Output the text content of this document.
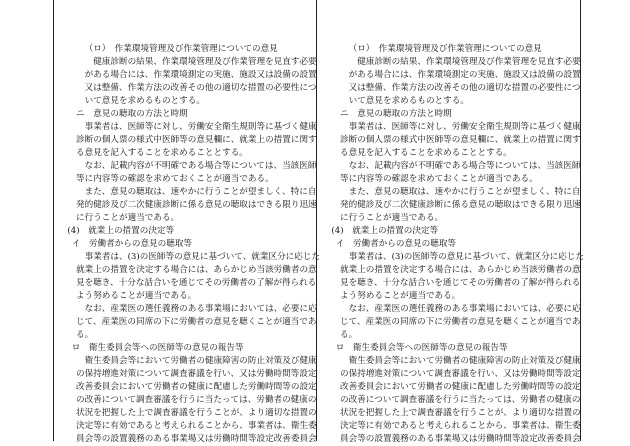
（ロ）　作業環境管理及び作業管理についての意見
健康診断の結果、作業環境管理及び作業管理を見直す必要
がある場合には、作業環境測定の実施、施設又は設備の設置
又は整備、作業方法の改善その他の適切な措置の必要性につ
いて意見を求めるものとする。
ニ　意見の聴取の方法と時期
事業者は、医師等に対し、労働安全衛生規則等に基づく健康
診断の個人票の様式中医師等の意見欄に、就業上の措置に関す
る意見を記入することを求めることとする。
なお、記載内容が不明確である場合等については、当該医師
等に内容等の確認を求めておくことが適当である。
また、意見の聴取は、速やかに行うことが望ましく、特に自
発的健診及び二次健康診断に係る意見の聴取はできる限り迅速
に行うことが適当である。
(4)　就業上の措置の決定等
イ　労働者からの意見の聴取等
事業者は、(3)の医師等の意見に基づいて、就業区分に応じた
就業上の措置を決定する場合には、あらかじめ当該労働者の意
見を聴き、十分な話合いを通じてその労働者の了解が得られる
よう努めることが適当である。
なお、産業医の選任義務のある事業場においては、必要に応
じて、産業医の同席の下に労働者の意見を聴くことが適当であ
る。
ロ　衛生委員会等への医師等の意見の報告等
衛生委員会等において労働者の健康障害の防止対策及び健康
の保持増進対策について調査審議を行い、又は労働時間等設定
改善委員会において労働者の健康に配慮した労働時間等の設定
の改善について調査審議を行うに当たっては、労働者の健康の
状況を把握した上で調査審議を行うことが、より適切な措置の
決定等に有効であると考えられることから、事業者は、衛生委
員会等の設置義務のある事業場又は労働時間等設定改善委員会
（ロ）　作業環境管理及び作業管理についての意見
健康診断の結果、作業環境管理及び作業管理を見直す必要
がある場合には、作業環境測定の実施、施設又は設備の設置
又は整備、作業方法の改善その他の適切な措置の必要性につ
いて意見を求めるものとする。
ニ　意見の聴取の方法と時期
事業者は、医師等に対し、労働安全衛生規則等に基づく健康
診断の個人票の様式中医師等の意見欄に、就業上の措置に関す
る意見を記入することを求めることとする。
なお、記載内容が不明確である場合等については、当該医師
等に内容等の確認を求めておくことが適当である。
また、意見の聴取は、速やかに行うことが望ましく、特に自
発的健診及び二次健康診断に係る意見の聴取はできる限り迅速
に行うことが適当である。
(4)　就業上の措置の決定等
イ　労働者からの意見の聴取等
事業者は、(3)の医師等の意見に基づいて、就業区分に応じた
就業上の措置を決定する場合には、あらかじめ当該労働者の意
見を聴き、十分な話合いを通じてその労働者の了解が得られる
よう努めることが適当である。
なお、産業医の選任義務のある事業場においては、必要に応
じて、産業医の同席の下に労働者の意見を聴くことが適当であ
る。
ロ　衛生委員会等への医師等の意見の報告等
衛生委員会等において労働者の健康障害の防止対策及び健康
の保持増進対策について調査審議を行い、又は労働時間等設定
改善委員会において労働者の健康に配慮した労働時間等の設定
の改善について調査審議を行うに当たっては、労働者の健康の
状況を把握した上で調査審議を行うことが、より適切な措置の
決定等に有効であると考えられることから、事業者は、衛生委
員会等の設置義務のある事業場又は労働時間等設定改善委員会
